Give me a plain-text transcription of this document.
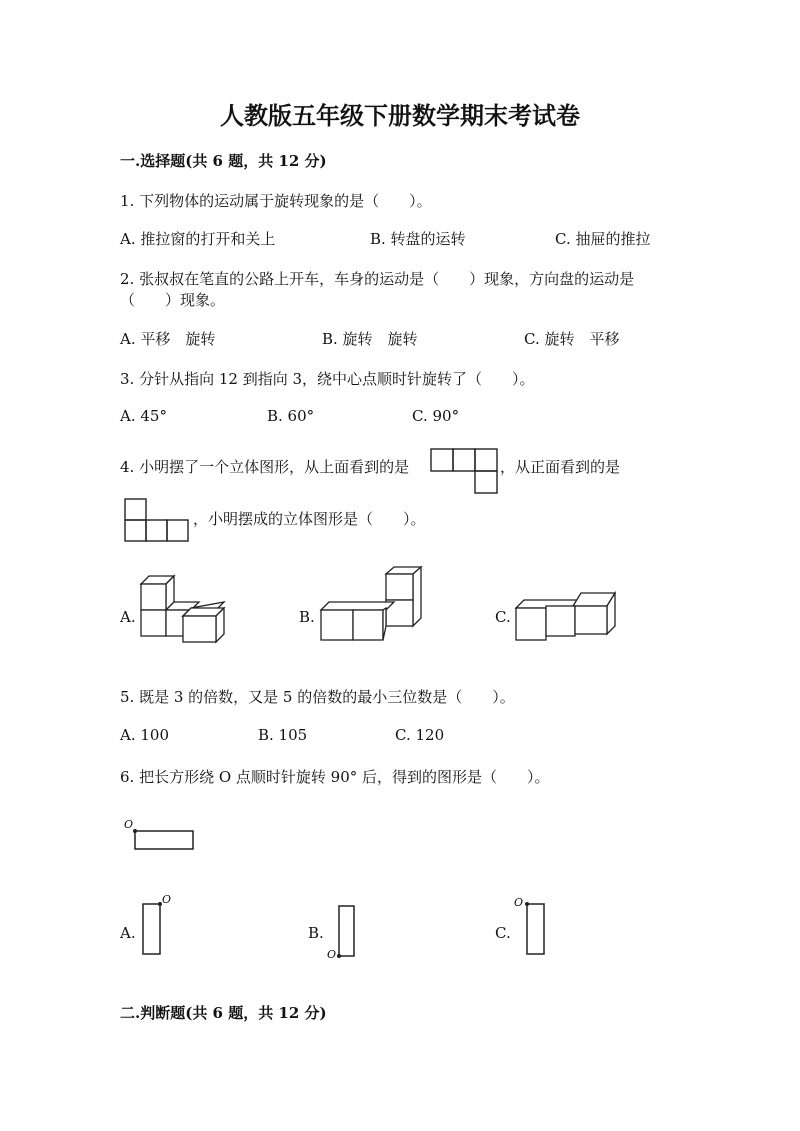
人教版五年级下册数学期末考试卷
一.选择题(共 6 题，共 12 分)
1. 下列物体的运动属于旋转现象的是（　　）。
A. 推拉窗的打开和关上	B. 转盘的运转	C. 抽屉的推拉
2. 张叔叔在笔直的公路上开车，车身的运动是（　　）现象，方向盘的运动是
（　　）现象。
A. 平移　旋转	B. 旋转　旋转	C. 旋转　平移
3. 分针从指向 12 到指向 3，绕中心点顺时针旋转了（　　）。
A. 45°	B. 60°	C. 90°
4. 小明摆了一个立体图形，从上面看到的是	，从正面看到的是
，小明摆成的立体图形是（　　）。
A.	B.	C.
5. 既是 3 的倍数，又是 5 的倍数的最小三位数是（　　）。
A. 100	B. 105	C. 120
6. 把长方形绕 O 点顺时针旋转 90° 后，得到的图形是（　　）。
O
A.
O
B.
O
C.
O
二.判断题(共 6 题，共 12 分)
